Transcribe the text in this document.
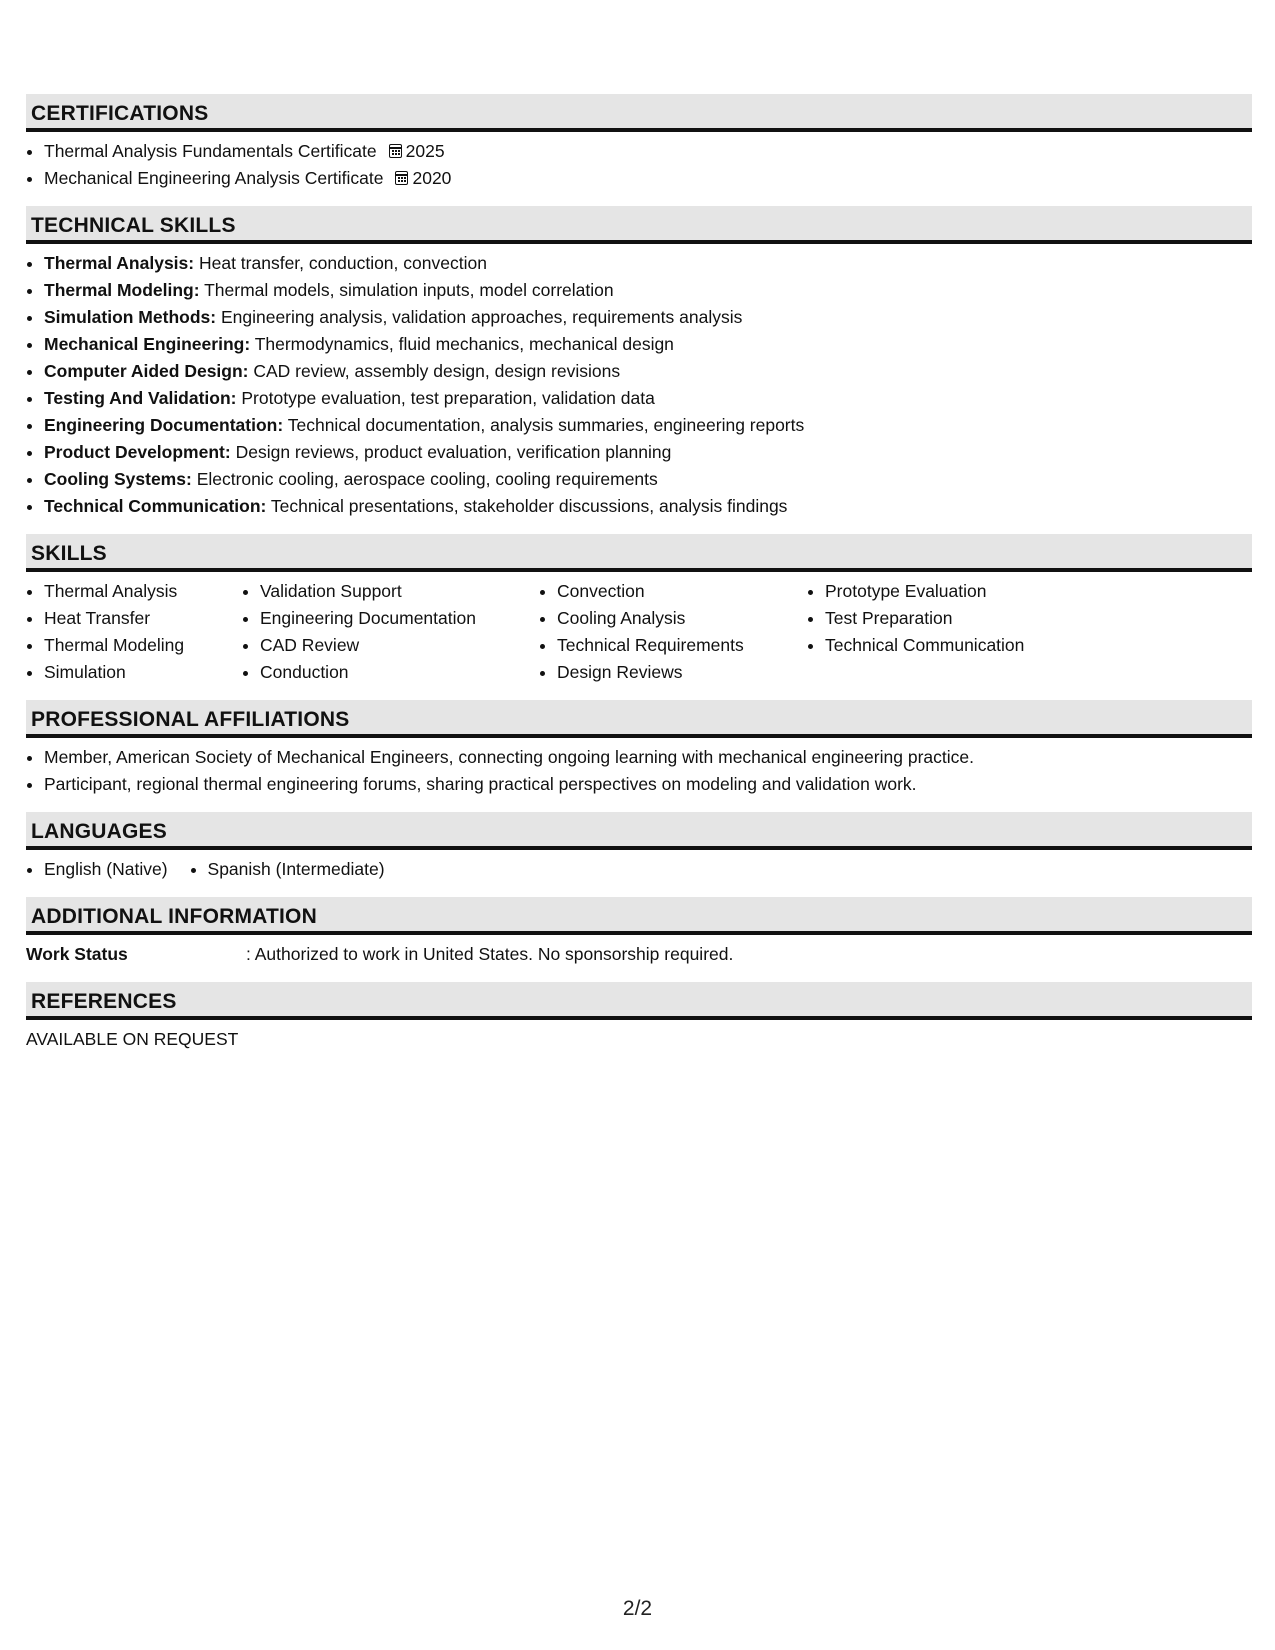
CERTIFICATIONS
• Thermal Analysis Fundamentals Certificate 2025
• Mechanical Engineering Analysis Certificate 2020
TECHNICAL SKILLS
• Thermal Analysis: Heat transfer, conduction, convection
• Thermal Modeling: Thermal models, simulation inputs, model correlation
• Simulation Methods: Engineering analysis, validation approaches, requirements analysis
• Mechanical Engineering: Thermodynamics, fluid mechanics, mechanical design
• Computer Aided Design: CAD review, assembly design, design revisions
• Testing And Validation: Prototype evaluation, test preparation, validation data
• Engineering Documentation: Technical documentation, analysis summaries, engineering reports
• Product Development: Design reviews, product evaluation, verification planning
• Cooling Systems: Electronic cooling, aerospace cooling, cooling requirements
• Technical Communication: Technical presentations, stakeholder discussions, analysis findings
SKILLS
• Thermal Analysis
• Heat Transfer
• Thermal Modeling
• Simulation
• Validation Support
• Engineering Documentation
• CAD Review
• Conduction
• Convection
• Cooling Analysis
• Technical Requirements
• Design Reviews
• Prototype Evaluation
• Test Preparation
• Technical Communication
PROFESSIONAL AFFILIATIONS
• Member, American Society of Mechanical Engineers, connecting ongoing learning with mechanical engineering practice.
• Participant, regional thermal engineering forums, sharing practical perspectives on modeling and validation work.
LANGUAGES
• English (Native)
• Spanish (Intermediate)
ADDITIONAL INFORMATION
Work Status	: Authorized to work in United States. No sponsorship required.
REFERENCES
AVAILABLE ON REQUEST
2/2
